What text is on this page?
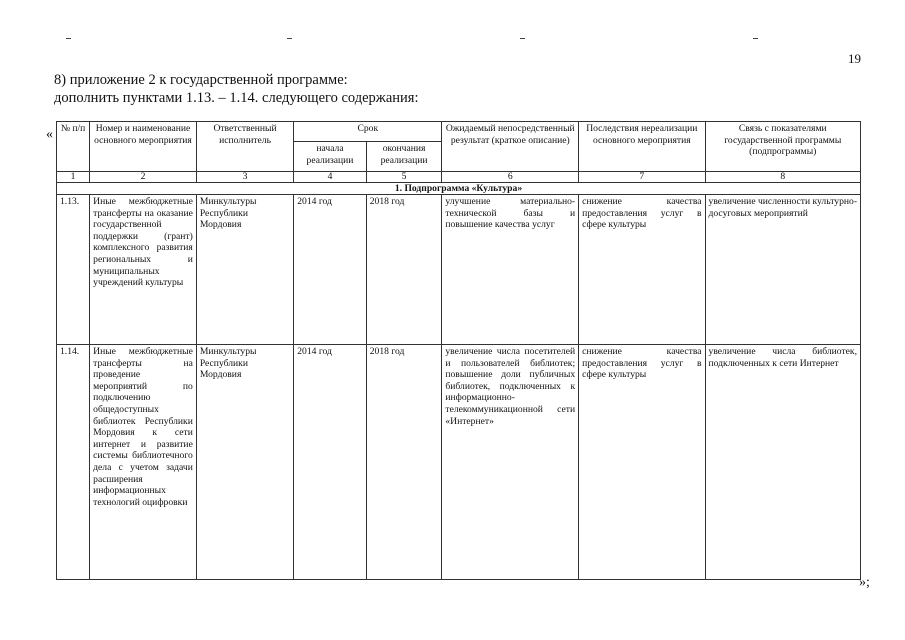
19
8) приложение 2 к государственной программе:
дополнить пунктами 1.13. – 1.14. следующего содержания:
«
»;
№ п/п	Номер и наименование основного мероприятия	Ответственный исполнитель	Срок		Ожидаемый непосредственный результат (краткое описание)	Последствия нереализации основного мероприятия	Связь с показателями государственной программы (подпрограммы)
			начала реализации	окончания реализации			
1	2	3	4	5	6	7	8
1. Подпрограмма «Культура»							
1.13.	Иные межбюджетные трансферты на оказание государственной поддержки (грант) комплексного развития региональных и муниципальных учреждений культуры	Минкультуры Республики Мордовия	2014 год	2018 год	улучшение материально-технической базы и повышение качества услуг	снижение качества предоставления услуг в сфере культуры	увеличение численности культурно-досуговых мероприятий
1.14.	Иные межбюджетные трансферты на проведение мероприятий по подключению общедоступных библиотек Республики Мордовия к сети интернет и развитие системы библиотечного дела с учетом задачи расширения информационных технологий оцифровки	Минкультуры Республики Мордовия	2014 год	2018 год	увеличение числа посетителей и пользователей библиотек; повышение доли публичных библиотек, подключенных к информационно-телекоммуникационной сети «Интернет»	снижение качества предоставления услуг в сфере культуры	увеличение числа библиотек, подключенных к сети Интернет
